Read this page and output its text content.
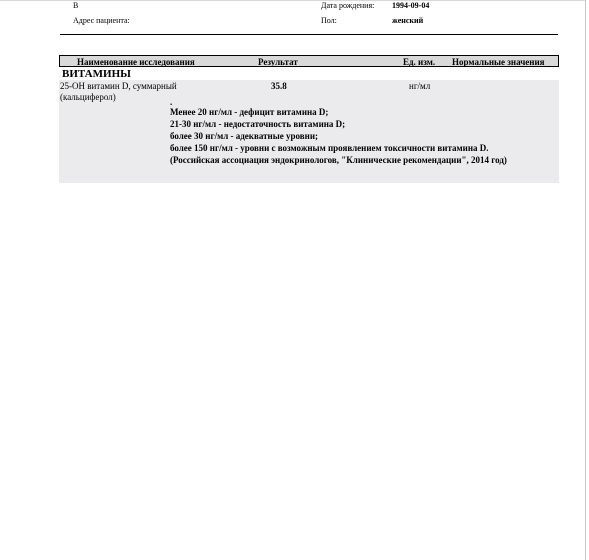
В
Адрес пациента:
Дата рождения: 1994-09-04
Пол:	женский
Наименование исследования	Результат	Ед. изм. Нормальные значения
ВИТАМИНЫ
25-ОН витамин D, суммарный
(кальциферол)
35.8	нг/мл
.
Менее 20 нг/мл - дефицит витамина D;
21-30 нг/мл - недостаточность витамина D;
более 30 нг/мл - адекватные уровни;
более 150 нг/мл - уровни с возможным проявлением токсичности витамина D.
(Российская ассоциация эндокринологов, "Клинические рекомендации", 2014 год)
